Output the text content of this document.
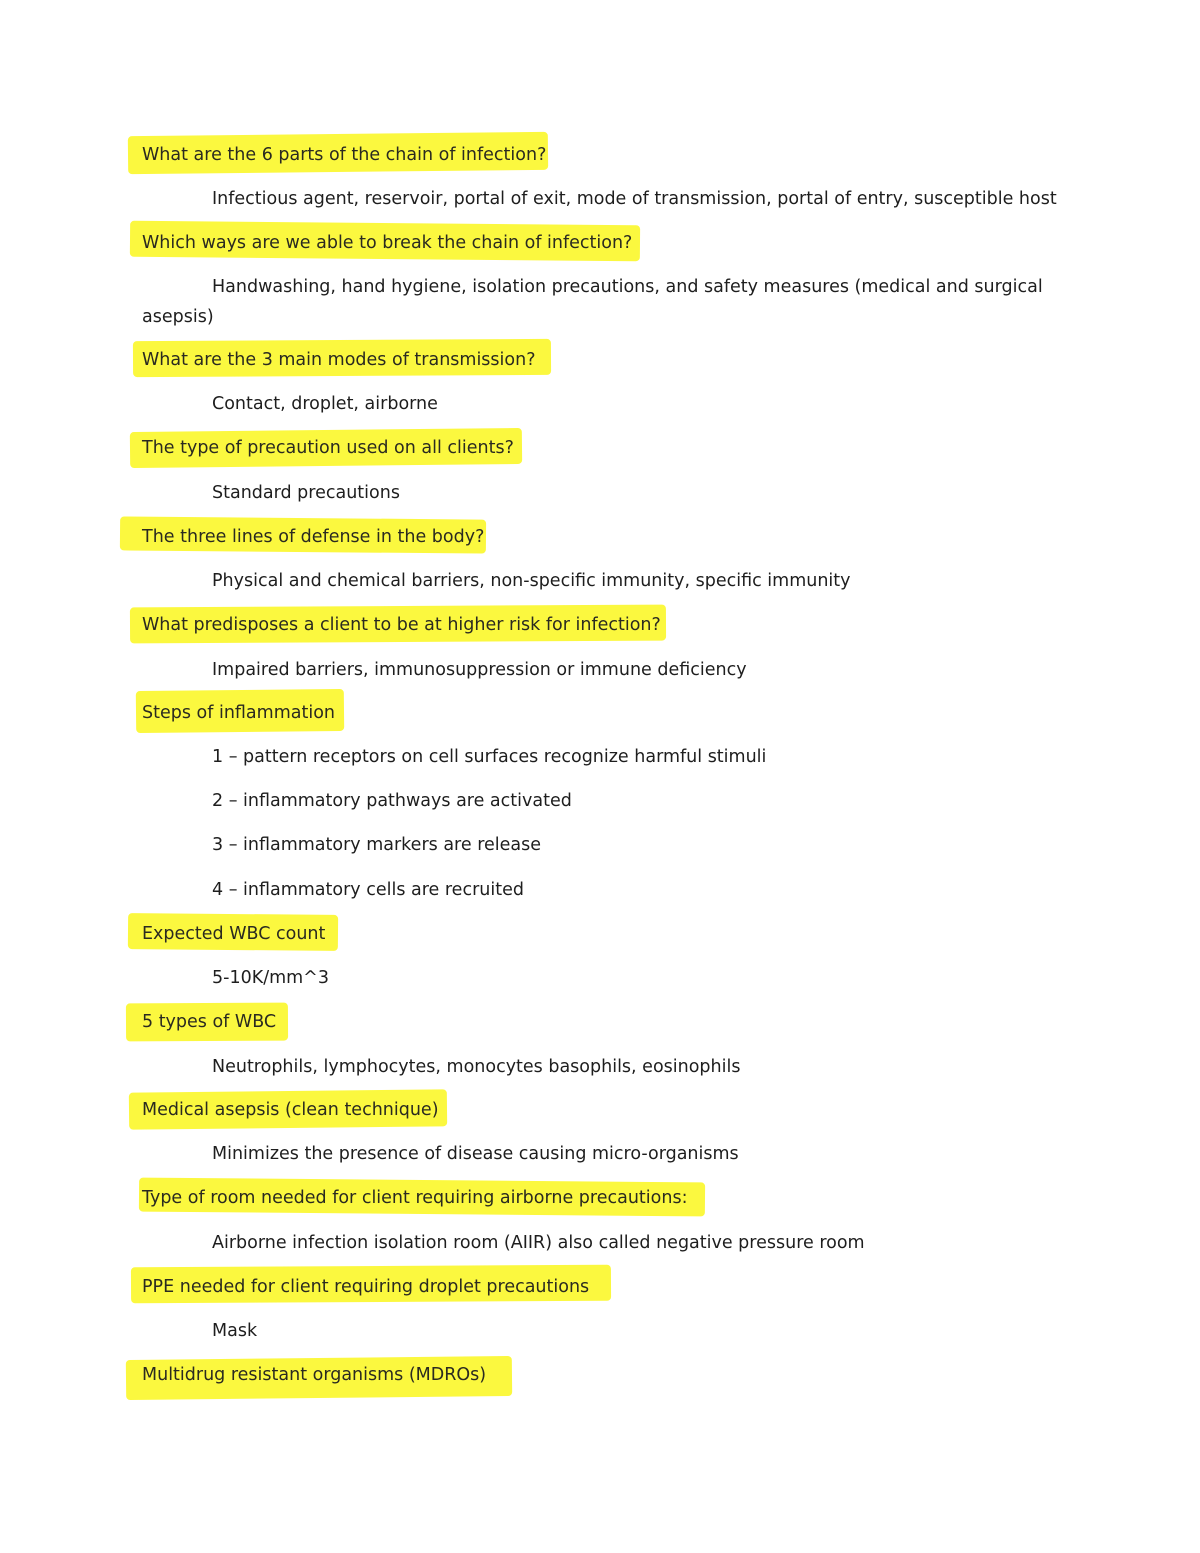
What are the 6 parts of the chain of infection?
Infectious agent, reservoir, portal of exit, mode of transmission, portal of entry, susceptible host
Which ways are we able to break the chain of infection?
Handwashing, hand hygiene, isolation precautions, and safety measures (medical and surgical
asepsis)
What are the 3 main modes of transmission?
Contact, droplet, airborne
The type of precaution used on all clients?
Standard precautions
The three lines of defense in the body?
Physical and chemical barriers, non-specific immunity, specific immunity
What predisposes a client to be at higher risk for infection?
Impaired barriers, immunosuppression or immune deficiency
Steps of inflammation
1 – pattern receptors on cell surfaces recognize harmful stimuli
2 – inflammatory pathways are activated
3 – inflammatory markers are release
4 – inflammatory cells are recruited
Expected WBC count
5-10K/mm^3
5 types of WBC
Neutrophils, lymphocytes, monocytes basophils, eosinophils
Medical asepsis (clean technique)
Minimizes the presence of disease causing micro-organisms
Type of room needed for client requiring airborne precautions:
Airborne infection isolation room (AIIR) also called negative pressure room
PPE needed for client requiring droplet precautions
Mask
Multidrug resistant organisms (MDROs)
